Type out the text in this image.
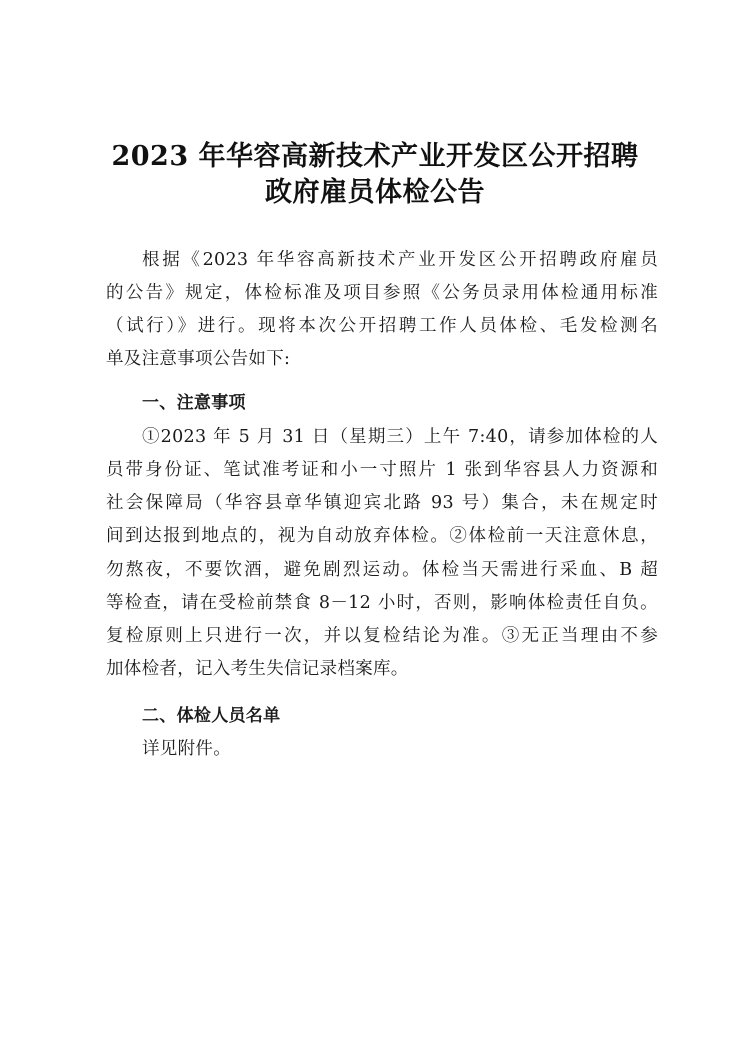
2023 年华容高新技术产业开发区公开招聘
政府雇员体检公告
根据《2023 年华容高新技术产业开发区公开招聘政府雇员
的公告》规定，体检标准及项目参照《公务员录用体检通用标准
（试行）》进行。现将本次公开招聘工作人员体检、毛发检测名
单及注意事项公告如下:
一、注意事项
①2023 年 5 月 31 日（星期三）上午 7:40，请参加体检的人
员带身份证、笔试准考证和小一寸照片 1 张到华容县人力资源和
社会保障局（华容县章华镇迎宾北路 93 号）集合，未在规定时
间到达报到地点的，视为自动放弃体检。②体检前一天注意休息，
勿熬夜，不要饮酒，避免剧烈运动。体检当天需进行采血、B 超
等检查，请在受检前禁食 8－12 小时，否则，影响体检责任自负。
复检原则上只进行一次，并以复检结论为准。③无正当理由不参
加体检者，记入考生失信记录档案库。
二、体检人员名单
详见附件。
